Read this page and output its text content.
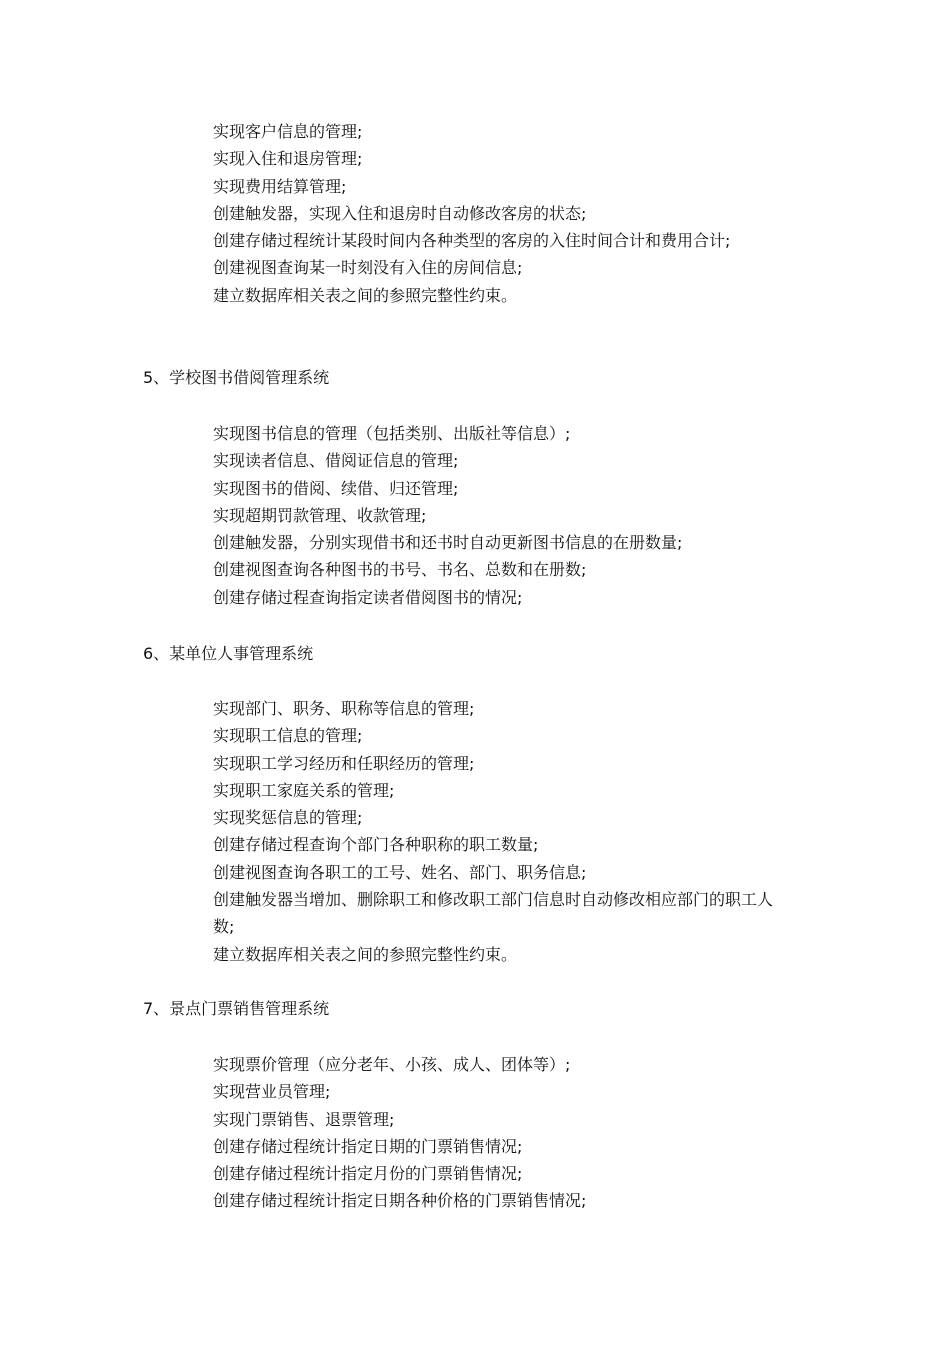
实现客户信息的管理;
实现入住和退房管理;
实现费用结算管理;
创建触发器，实现入住和退房时自动修改客房的状态;
创建存储过程统计某段时间内各种类型的客房的入住时间合计和费用合计;
创建视图查询某一时刻没有入住的房间信息;
建立数据库相关表之间的参照完整性约束。
5、学校图书借阅管理系统
实现图书信息的管理（包括类别、出版社等信息）;
实现读者信息、借阅证信息的管理;
实现图书的借阅、续借、归还管理;
实现超期罚款管理、收款管理;
创建触发器，分别实现借书和还书时自动更新图书信息的在册数量;
创建视图查询各种图书的书号、书名、总数和在册数;
创建存储过程查询指定读者借阅图书的情况;
6、某单位人事管理系统
实现部门、职务、职称等信息的管理;
实现职工信息的管理;
实现职工学习经历和任职经历的管理;
实现职工家庭关系的管理;
实现奖惩信息的管理;
创建存储过程查询个部门各种职称的职工数量;
创建视图查询各职工的工号、姓名、部门、职务信息;
创建触发器当增加、删除职工和修改职工部门信息时自动修改相应部门的职工人数;
建立数据库相关表之间的参照完整性约束。
7、景点门票销售管理系统
实现票价管理（应分老年、小孩、成人、团体等）;
实现营业员管理;
实现门票销售、退票管理;
创建存储过程统计指定日期的门票销售情况;
创建存储过程统计指定月份的门票销售情况;
创建存储过程统计指定日期各种价格的门票销售情况;
